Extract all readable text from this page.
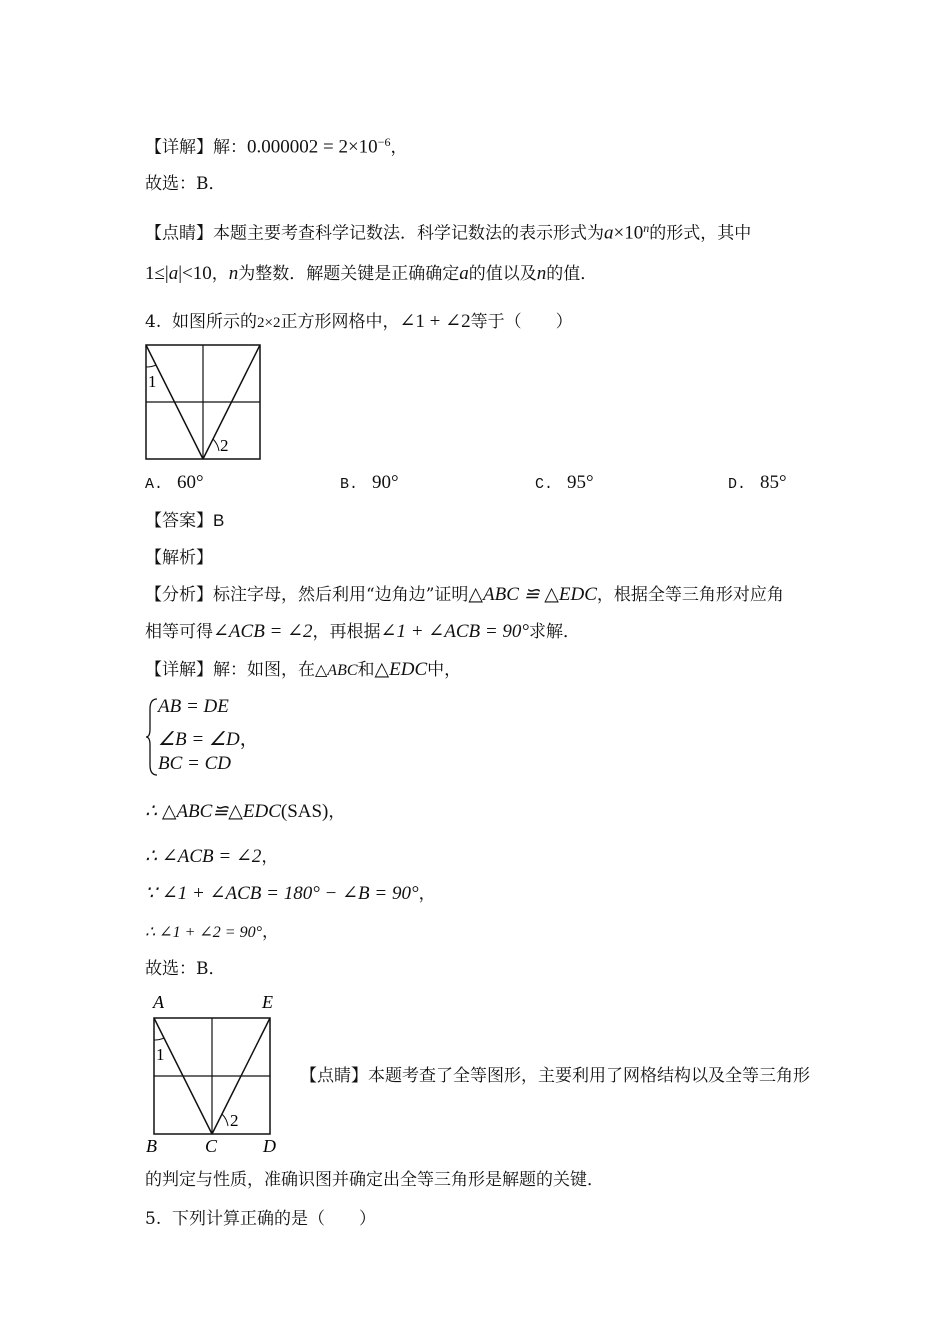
【详解】解：$0.000002 = 2\times 10^{-6}$，
故选：B．
【点睛】本题主要考查科学记数法．科学记数法的表示形式为$a\times 10^n$的形式，其中
1≤|a|<10，n为整数．解题关键是正确确定a的值以及n的值．
4. 如图所示的2×2正方形网格中，∠1 + ∠2等于（　　）
1
2
A. 60°	B. 90°	C. 95°	D. 85°
【答案】B
【解析】
【分析】标注字母，然后利用“边角边”证明△ABC ≌ △EDC，根据全等三角形对应角
相等可得∠ACB = ∠2，再根据∠1 + ∠ACB = 90°求解．
【详解】解：如图，在△ABC和△EDC中，
AB = DE
∠B = ∠D，
BC = CD
∴ △ABC≌△EDC(SAS)，
∴ ∠ACB = ∠2，
∵ ∠1 + ∠ACB = 180° − ∠B = 90°，
∴ ∠1 + ∠2 = 90°，
故选：B．
A	E
B	C	D
1
2
【点睛】本题考查了全等图形，主要利用了网格结构以及全等三角形
的判定与性质，准确识图并确定出全等三角形是解题的关键．
5. 下列计算正确的是（　　）
